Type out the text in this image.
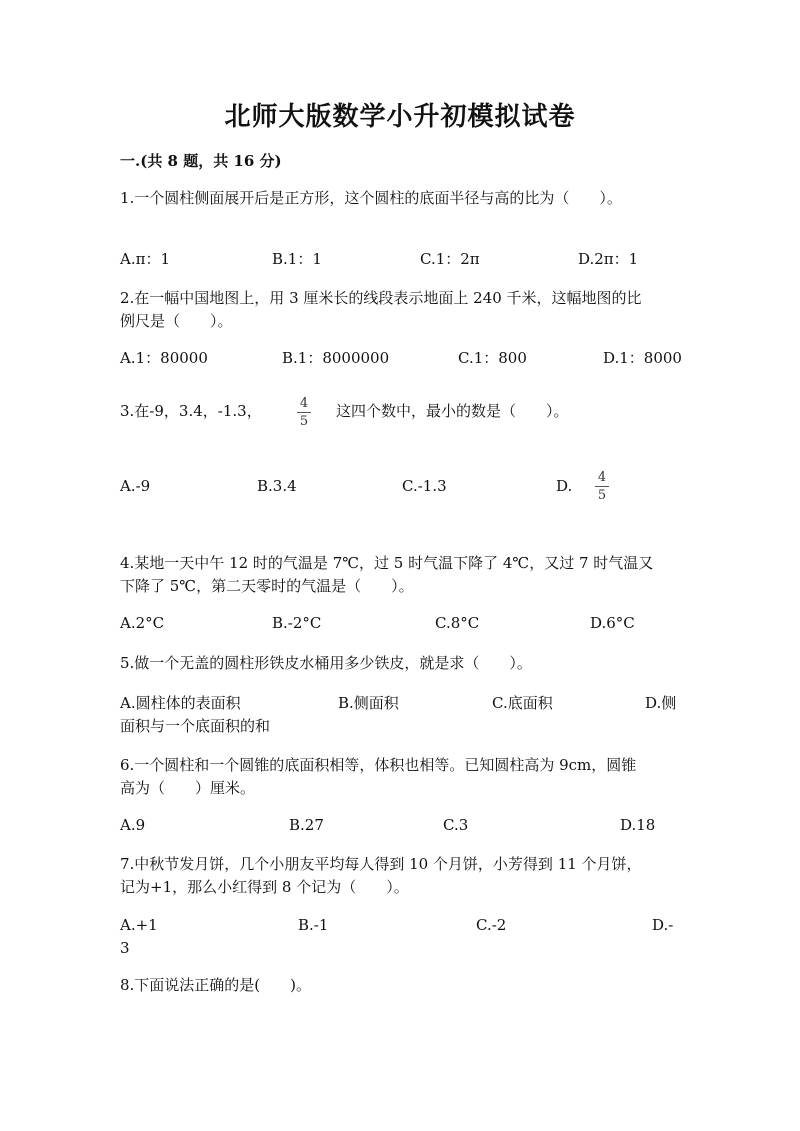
北师大版数学小升初模拟试卷
一.(共 8 题，共 16 分)
1.一个圆柱侧面展开后是正方形，这个圆柱的底面半径与高的比为（　　）。
A.π：1	B.1：1	C.1：2π	D.2π：1
2.在一幅中国地图上，用 3 厘米长的线段表示地面上 240 千米，这幅地图的比
例尺是（　　）。
A.1：80000	B.1：8000000	C.1：800	D.1：8000
3.在-9，3.4，-1.3，	4
5
这四个数中，最小的数是（　　）。
A.-9	B.3.4	C.-1.3	D. 4
5
4.某地一天中午 12 时的气温是 7℃，过 5 时气温下降了 4℃，又过 7 时气温又
下降了 5℃，第二天零时的气温是（　　）。
A.2°C	B.-2°C	C.8°C	D.6°C
5.做一个无盖的圆柱形铁皮水桶用多少铁皮，就是求（　　）。
A.圆柱体的表面积	B.侧面积	C.底面积	D.侧
面积与一个底面积的和
6.一个圆柱和一个圆锥的底面积相等，体积也相等。已知圆柱高为 9cm，圆锥
高为（　　）厘米。
A.9	B.27	C.3	D.18
7.中秋节发月饼，几个小朋友平均每人得到 10 个月饼，小芳得到 11 个月饼，
记为+1，那么小红得到 8 个记为（　　）。
A.+1	B.-1	C.-2	D.-
3
8.下面说法正确的是(　　)。
